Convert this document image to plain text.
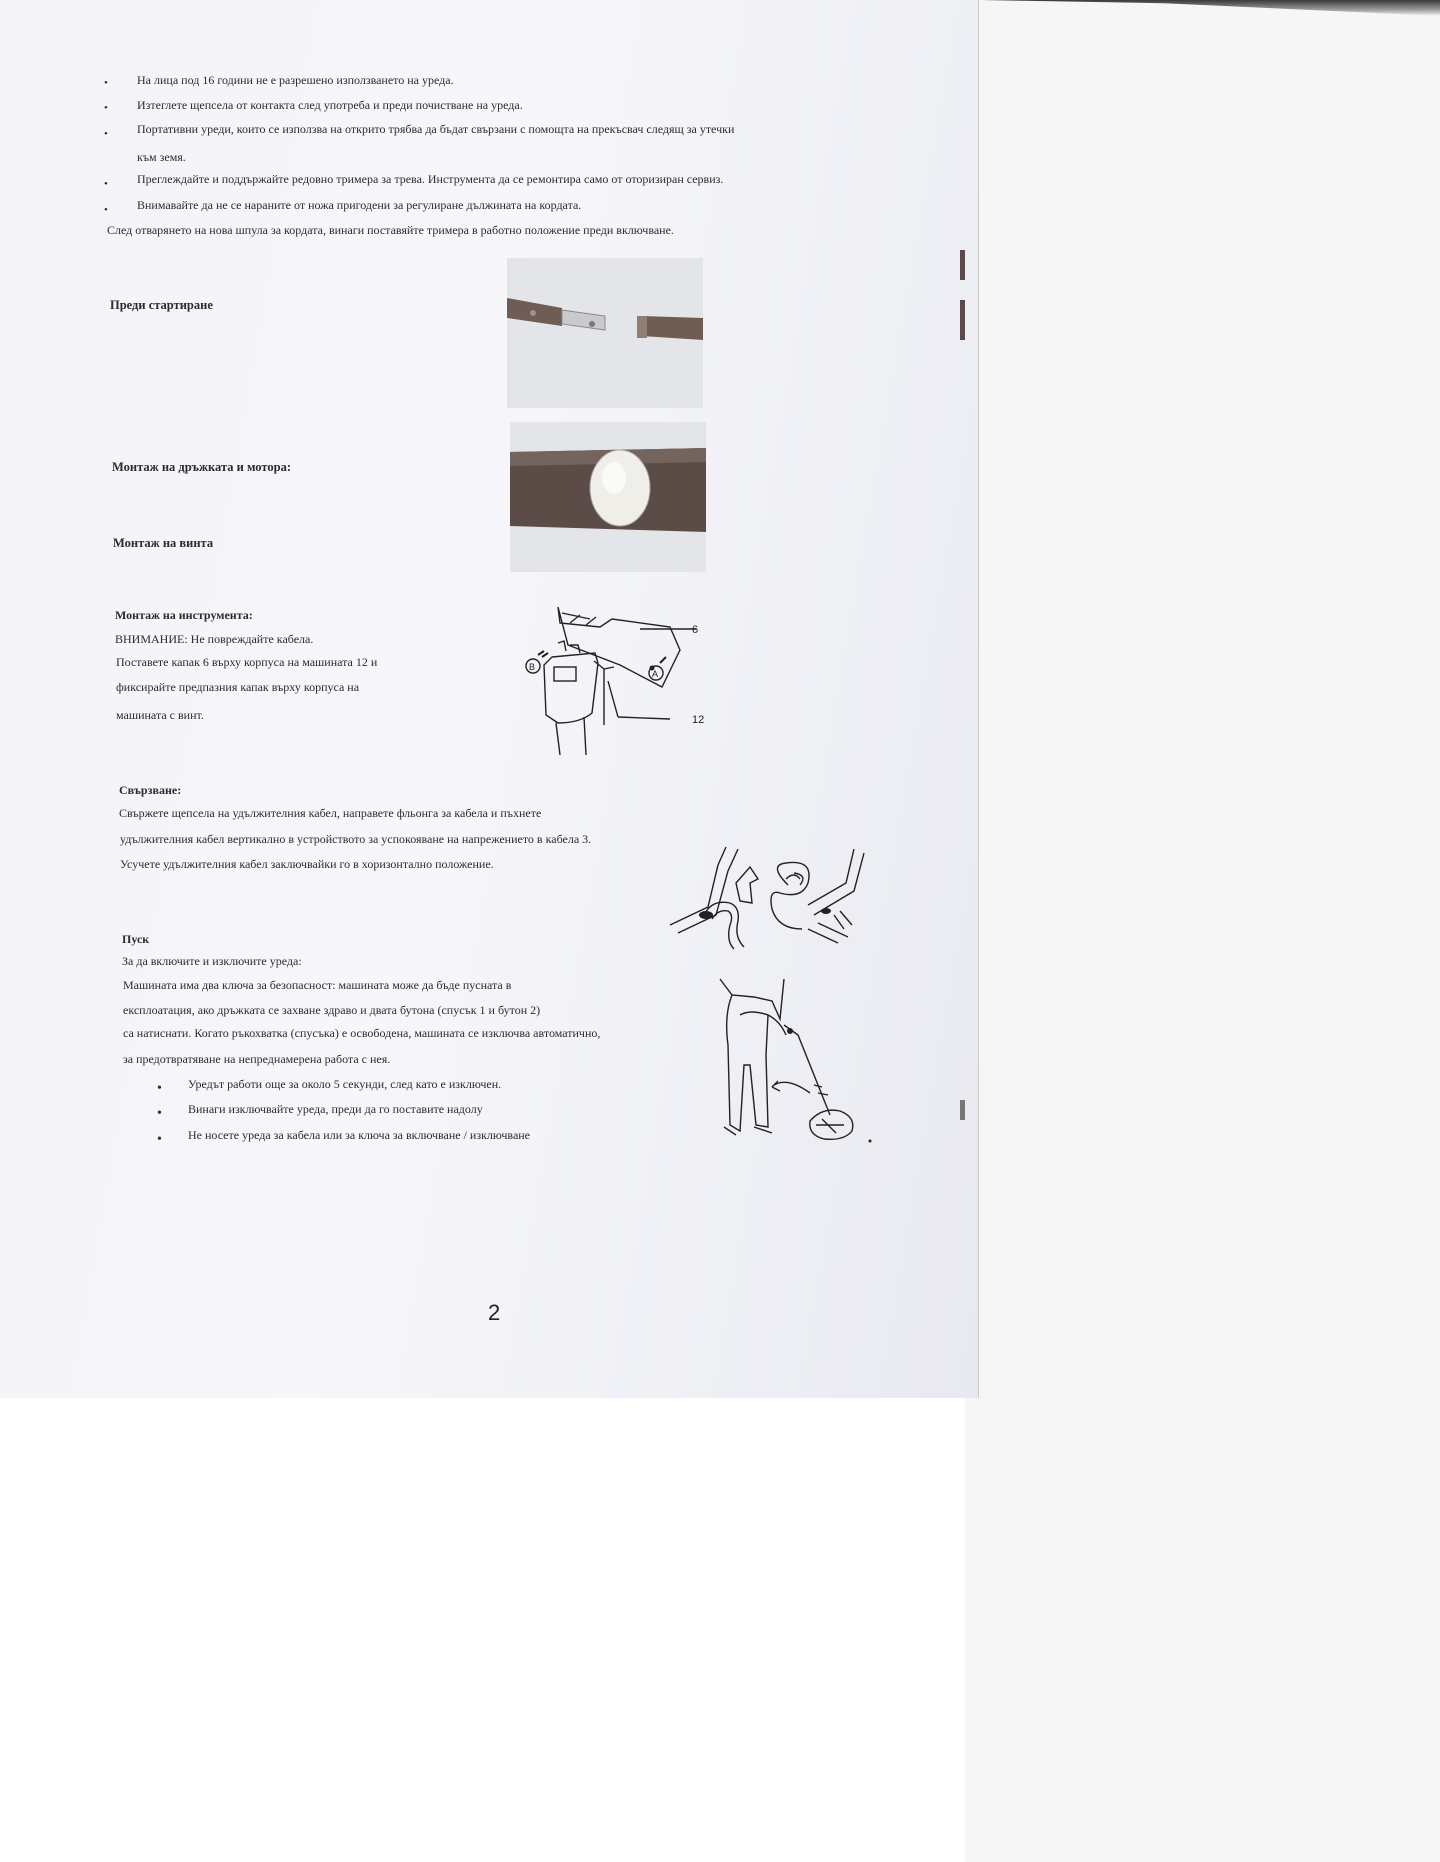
• На лица под 16 години не е разрешено използването на уреда.
• Изтеглете щепсела от контакта след употреба и преди почистване на уреда.
• Портативни уреди, които се използва на открито трябва да бъдат свързани с помощта на прекъсвач следящ за утечки
към земя.
• Преглеждайте и поддържайте редовно тримера за трева. Инструмента да се ремонтира само от оторизиран сервиз.
• Внимавайте да не се нараните от ножа пригодени за регулиране дължината на кордата.
След отварянето на нова шпула за кордата, винаги поставяйте тримера в работно положение преди включване.
Преди стартиране
Монтаж на дръжката и мотора:
Монтаж на винта
Монтаж на инструмента:
ВНИМАНИЕ: Не повреждайте кабела.
Поставете капак 6 върху корпуса на машината 12 и
фиксирайте предпазния капак върху корпуса на
машината с винт.
B
A
6
12
Свързване:
Свържете щепсела на удължителния кабел, направете фльонга за кабела и пъхнете
удължителния кабел вертикално в устройството за успокояване на напрежението в кабела 3.
Усучете удължителния кабел заключвайки го в хоризонтално положение.
Пуск
За да включите и изключите уреда:
Машината има два ключа за безопасност: машината може да бъде пусната в
експлоатация, ако дръжката се захване здраво и двата бутона (спусък 1 и бутон 2)
са натиснати. Когато ръкохватка (спусъка) е освободена, машината се изключва автоматично,
за предотвратяване на непреднамерена работа с нея.
• Уредът работи още за около 5 секунди, след като е изключен.
• Винаги изключвайте уреда, преди да го поставите надолу
• Не носете уреда за кабела или за ключа за включване / изключване
2
